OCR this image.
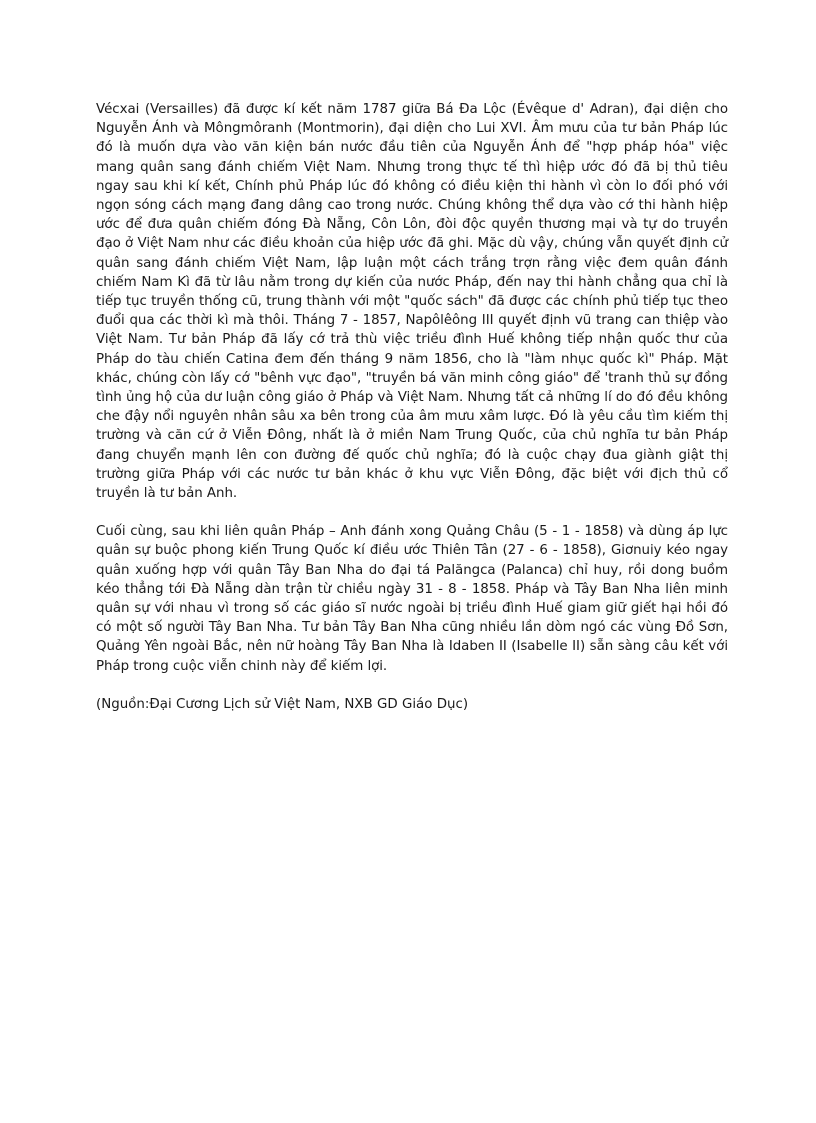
Vécxai (Versailles) đã được kí kết năm 1787 giữa Bá Đa Lộc (Évêque d' Adran), đại diện cho Nguyễn Ánh và Môngmôranh (Montmorin), đại diện cho Lui XVI. Âm mưu của tư bản Pháp lúc đó là muốn dựa vào văn kiện bán nước đầu tiên của Nguyễn Ánh để "hợp pháp hóa" việc mang quân sang đánh chiếm Việt Nam. Nhưng trong thực tế thì hiệp ước đó đã bị thủ tiêu ngay sau khi kí kết, Chính phủ Pháp lúc đó không có điều kiện thi hành vì còn lo đối phó với ngọn sóng cách mạng đang dâng cao trong nước. Chúng không thể dựa vào cớ thi hành hiệp ước để đưa quân chiếm đóng Đà Nẵng, Côn Lôn, đòi độc quyền thương mại và tự do truyền đạo ở Việt Nam như các điều khoản của hiệp ước đã ghi. Mặc dù vậy, chúng vẫn quyết định cử quân sang đánh chiếm Việt Nam, lập luận một cách trắng trợn rằng việc đem quân đánh chiếm Nam Kì đã từ lâu nằm trong dự kiến của nước Pháp, đến nay thi hành chẳng qua chỉ là tiếp tục truyền thống cũ, trung thành với một "quốc sách" đã được các chính phủ tiếp tục theo đuổi qua các thời kì mà thôi. Tháng 7 - 1857, Napôlêông III quyết định vũ trang can thiệp vào Việt Nam. Tư bản Pháp đã lấy cớ trả thù việc triều đình Huế không tiếp nhận quốc thư của Pháp do tàu chiến Catina đem đến tháng 9 năm 1856, cho là "làm nhục quốc kì" Pháp. Mặt khác, chúng còn lấy cớ "bênh vực đạo", "truyền bá văn minh công giáo" để 'tranh thủ sự đồng tình ủng hộ của dư luận công giáo ở Pháp và Việt Nam. Nhưng tất cả những lí do đó đều không che đậy nổi nguyên nhân sâu xa bên trong của âm mưu xâm lược. Đó là yêu cầu tìm kiếm thị trường và căn cứ ở Viễn Đông, nhất là ở miền Nam Trung Quốc, của chủ nghĩa tư bản Pháp đang chuyển mạnh lên con đường đế quốc chủ nghĩa; đó là cuộc chạy đua giành giật thị trường giữa Pháp với các nước tư bản khác ở khu vực Viễn Đông, đặc biệt với địch thủ cổ truyền là tư bản Anh.

Cuối cùng, sau khi liên quân Pháp – Anh đánh xong Quảng Châu (5 - 1 - 1858) và dùng áp lực quân sự buộc phong kiến Trung Quốc kí điều ước Thiên Tân (27 - 6 - 1858), Giơnuiy kéo ngay quân xuống hợp với quân Tây Ban Nha do đại tá Palăngca (Palanca) chỉ huy, rồi dong buồm kéo thẳng tới Đà Nẵng dàn trận từ chiều ngày 31 - 8 - 1858. Pháp và Tây Ban Nha liên minh quân sự với nhau vì trong số các giáo sĩ nước ngoài bị triều đình Huế giam giữ giết hại hồi đó có một số người Tây Ban Nha. Tư bản Tây Ban Nha cũng nhiều lần dòm ngó các vùng Đồ Sơn, Quảng Yên ngoài Bắc, nên nữ hoàng Tây Ban Nha là Idaben II (Isabelle II) sẵn sàng câu kết với Pháp trong cuộc viễn chinh này để kiếm lợi.

(Nguồn:Đại Cương Lịch sử Việt Nam, NXB GD Giáo Dục)
